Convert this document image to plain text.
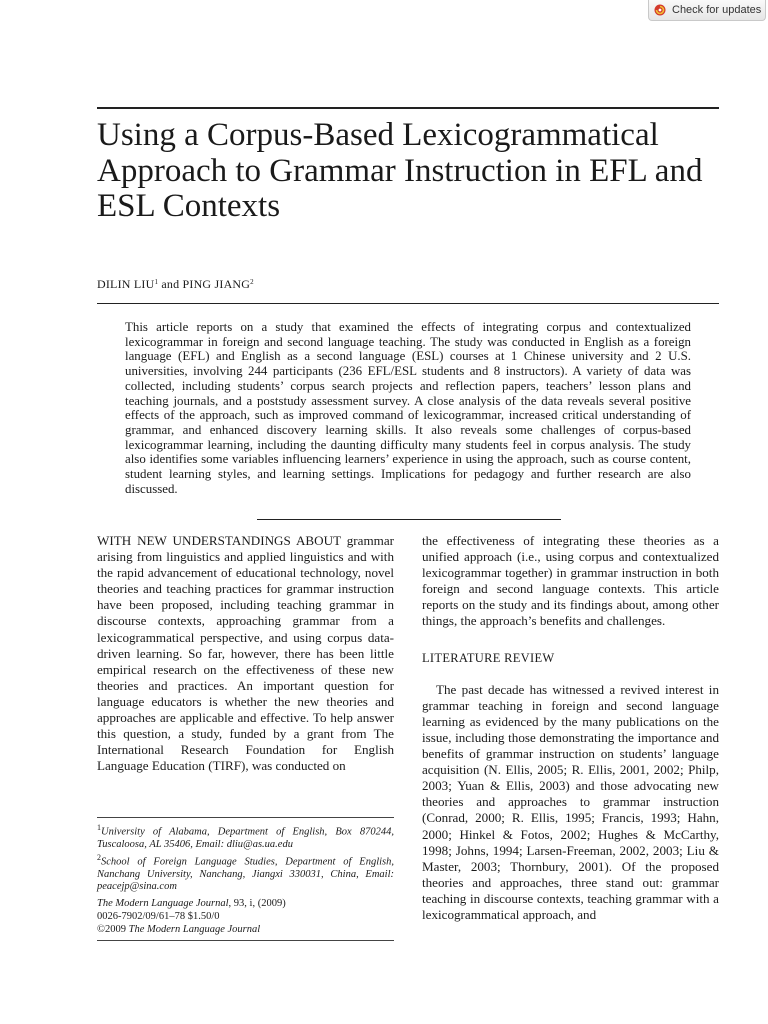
Check for updates
Using a Corpus-Based Lexicogrammatical Approach to Grammar Instruction in EFL and ESL Contexts
DILIN LIU$^1$ and PING JIANG$^2$

This article reports on a study that examined the effects of integrating corpus and contextualized lexicogrammar in foreign and second language teaching. The study was conducted in English as a foreign language (EFL) and English as a second language (ESL) courses at 1 Chinese university and 2 U.S. universities, involving 244 participants (236 EFL/ESL students and 8 instructors). A variety of data was collected, including students’ corpus search projects and reflection papers, teachers’ lesson plans and teaching journals, and a poststudy assessment survey. A close analysis of the data reveals several positive effects of the approach, such as improved command of lexicogrammar, increased critical understanding of grammar, and enhanced discovery learning skills. It also reveals some challenges of corpus-based lexicogrammar learning, including the daunting difficulty many students feel in corpus analysis. The study also identifies some variables influencing learners’ experience in using the approach, such as course content, student learning styles, and learning settings. Implications for pedagogy and further research are also discussed.

WITH NEW UNDERSTANDINGS ABOUT grammar arising from linguistics and applied linguistics and with the rapid advancement of educational technology, novel theories and teaching practices for grammar instruction have been proposed, including teaching grammar in discourse contexts, approaching grammar from a lexicogrammatical perspective, and using corpus data-driven learning. So far, however, there has been little empirical research on the effectiveness of these new theories and practices. An important question for language educators is whether the new theories and approaches are applicable and effective. To help answer this question, a study, funded by a grant from The International Research Foundation for English Language Education (TIRF), was conducted on

$^1$University of Alabama, Department of English, Box 870244, Tuscaloosa, AL 35406, Email: dliu@as.ua.edu

$^2$School of Foreign Language Studies, Department of English, Nanchang University, Nanchang, Jiangxi 330031, China, Email: peacejp@sina.com

The Modern Language Journal, 93, i, (2009)

0026-7902/09/61–78 $1.50/0

©2009 The Modern Language Journal

the effectiveness of integrating these theories as a unified approach (i.e., using corpus and contextualized lexicogrammar together) in grammar instruction in both foreign and second language contexts. This article reports on the study and its findings about, among other things, the approach’s benefits and challenges.

LITERATURE REVIEW

The past decade has witnessed a revived interest in grammar teaching in foreign and second language learning as evidenced by the many publications on the issue, including those demonstrating the importance and benefits of grammar instruction on students’ language acquisition (N. Ellis, 2005; R. Ellis, 2001, 2002; Philp, 2003; Yuan & Ellis, 2003) and those advocating new theories and approaches to grammar instruction (Conrad, 2000; R. Ellis, 1995; Francis, 1993; Hahn, 2000; Hinkel & Fotos, 2002; Hughes & McCarthy, 1998; Johns, 1994; Larsen-Freeman, 2002, 2003; Liu & Master, 2003; Thornbury, 2001). Of the proposed theories and approaches, three stand out: grammar teaching in discourse contexts, teaching grammar with a lexicogrammatical approach, and
